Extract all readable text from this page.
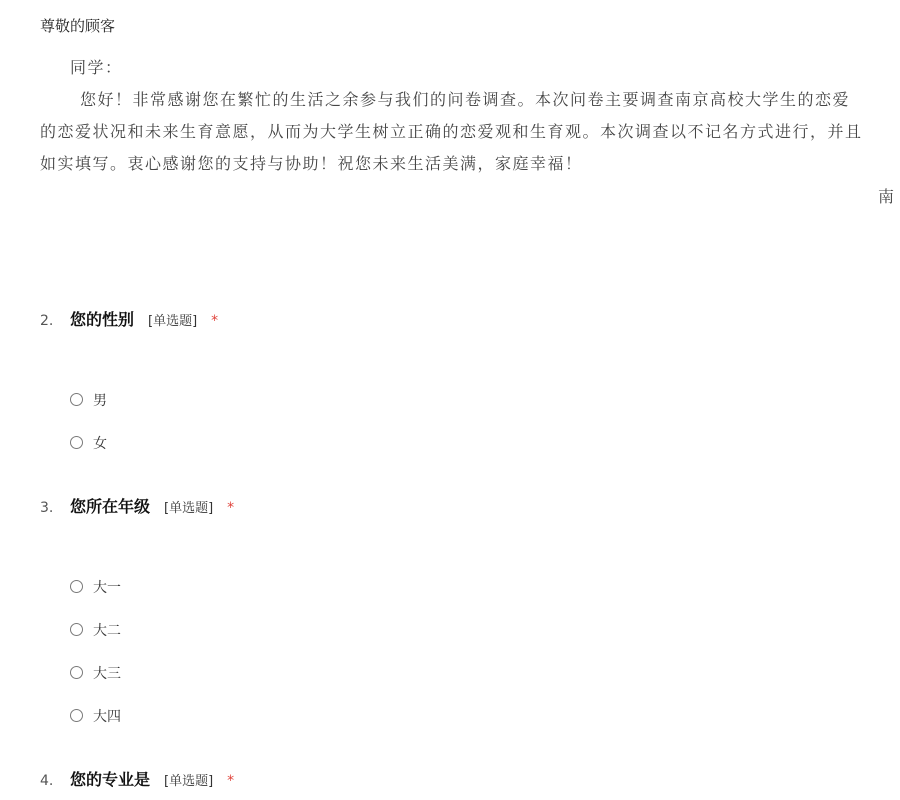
尊敬的顾客
同学：
您好！非常感谢您在繁忙的生活之余参与我们的问卷调查。本次问卷主要调查南京高校大学生的恋爱
的恋爱状况和未来生育意愿，从而为大学生树立正确的恋爱观和生育观。本次调查以不记名方式进行，并且
如实填写。衷心感谢您的支持与协助！祝您未来生活美满，家庭幸福！
南
2.	您的性别 [单选题] *
男
女
3.	您所在年级 [单选题] *
大一
大二
大三
大四
4.	您的专业是 [单选题] *
